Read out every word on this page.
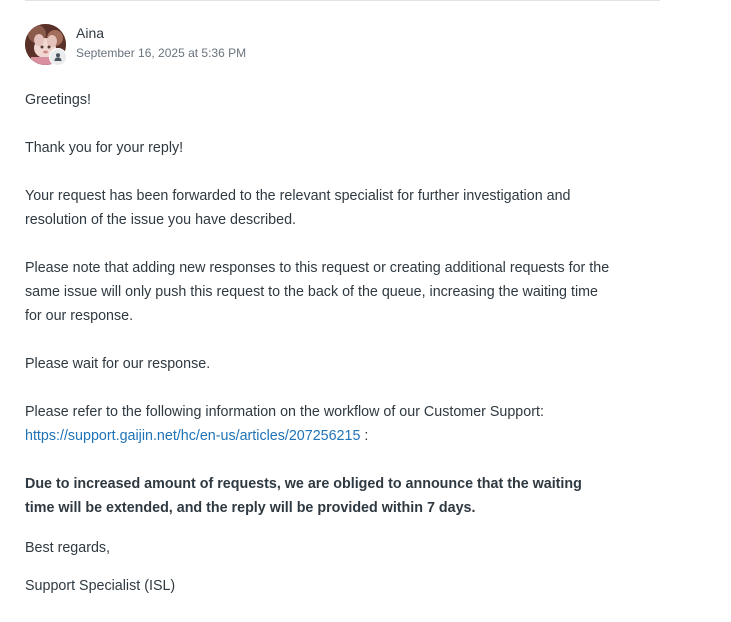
Aina
September 16, 2025 at 5:36 PM

Greetings!

Thank you for your reply!

Your request has been forwarded to the relevant specialist for further investigation and
resolution of the issue you have described.

Please note that adding new responses to this request or creating additional requests for the
same issue will only push this request to the back of the queue, increasing the waiting time
for our response.

Please wait for our response.

Please refer to the following information on the workflow of our Customer Support:
https://support.gaijin.net/hc/en-us/articles/207256215 :

Due to increased amount of requests, we are obliged to announce that the waiting
time will be extended, and the reply will be provided within 7 days.

Best regards,

Support Specialist (ISL)
